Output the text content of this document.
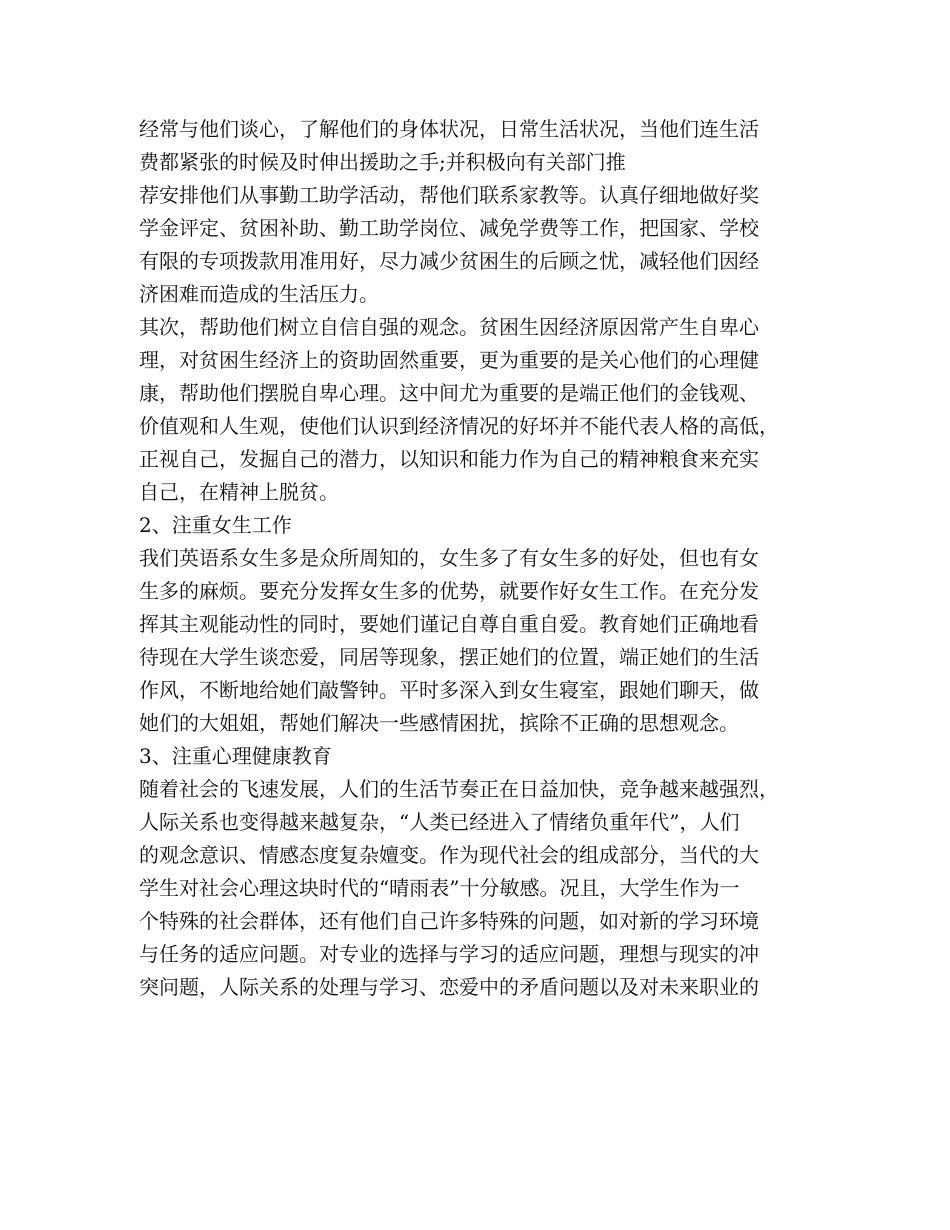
经常与他们谈心，了解他们的身体状况，日常生活状况，当他们连生活
费都紧张的时候及时伸出援助之手;并积极向有关部门推
荐安排他们从事勤工助学活动，帮他们联系家教等。认真仔细地做好奖
学金评定、贫困补助、勤工助学岗位、减免学费等工作，把国家、学校
有限的专项拨款用准用好，尽力减少贫困生的后顾之忧，减轻他们因经
济困难而造成的生活压力。
其次，帮助他们树立自信自强的观念。贫困生因经济原因常产生自卑心
理，对贫困生经济上的资助固然重要，更为重要的是关心他们的心理健
康，帮助他们摆脱自卑心理。这中间尤为重要的是端正他们的金钱观、
价值观和人生观，使他们认识到经济情况的好坏并不能代表人格的高低，
正视自己，发掘自己的潜力，以知识和能力作为自己的精神粮食来充实
自己，在精神上脱贫。
2、注重女生工作
我们英语系女生多是众所周知的，女生多了有女生多的好处，但也有女
生多的麻烦。要充分发挥女生多的优势，就要作好女生工作。在充分发
挥其主观能动性的同时，要她们谨记自尊自重自爱。教育她们正确地看
待现在大学生谈恋爱，同居等现象，摆正她们的位置，端正她们的生活
作风，不断地给她们敲警钟。平时多深入到女生寝室，跟她们聊天，做
她们的大姐姐，帮她们解决一些感情困扰，摈除不正确的思想观念。
3、注重心理健康教育
随着社会的飞速发展，人们的生活节奏正在日益加快，竞争越来越强烈，
人际关系也变得越来越复杂，“人类已经进入了情绪负重年代”，人们
的观念意识、情感态度复杂嬗变。作为现代社会的组成部分，当代的大
学生对社会心理这块时代的“晴雨表”十分敏感。况且，大学生作为一
个特殊的社会群体，还有他们自己许多特殊的问题，如对新的学习环境
与任务的适应问题。对专业的选择与学习的适应问题，理想与现实的冲
突问题，人际关系的处理与学习、恋爱中的矛盾问题以及对未来职业的
